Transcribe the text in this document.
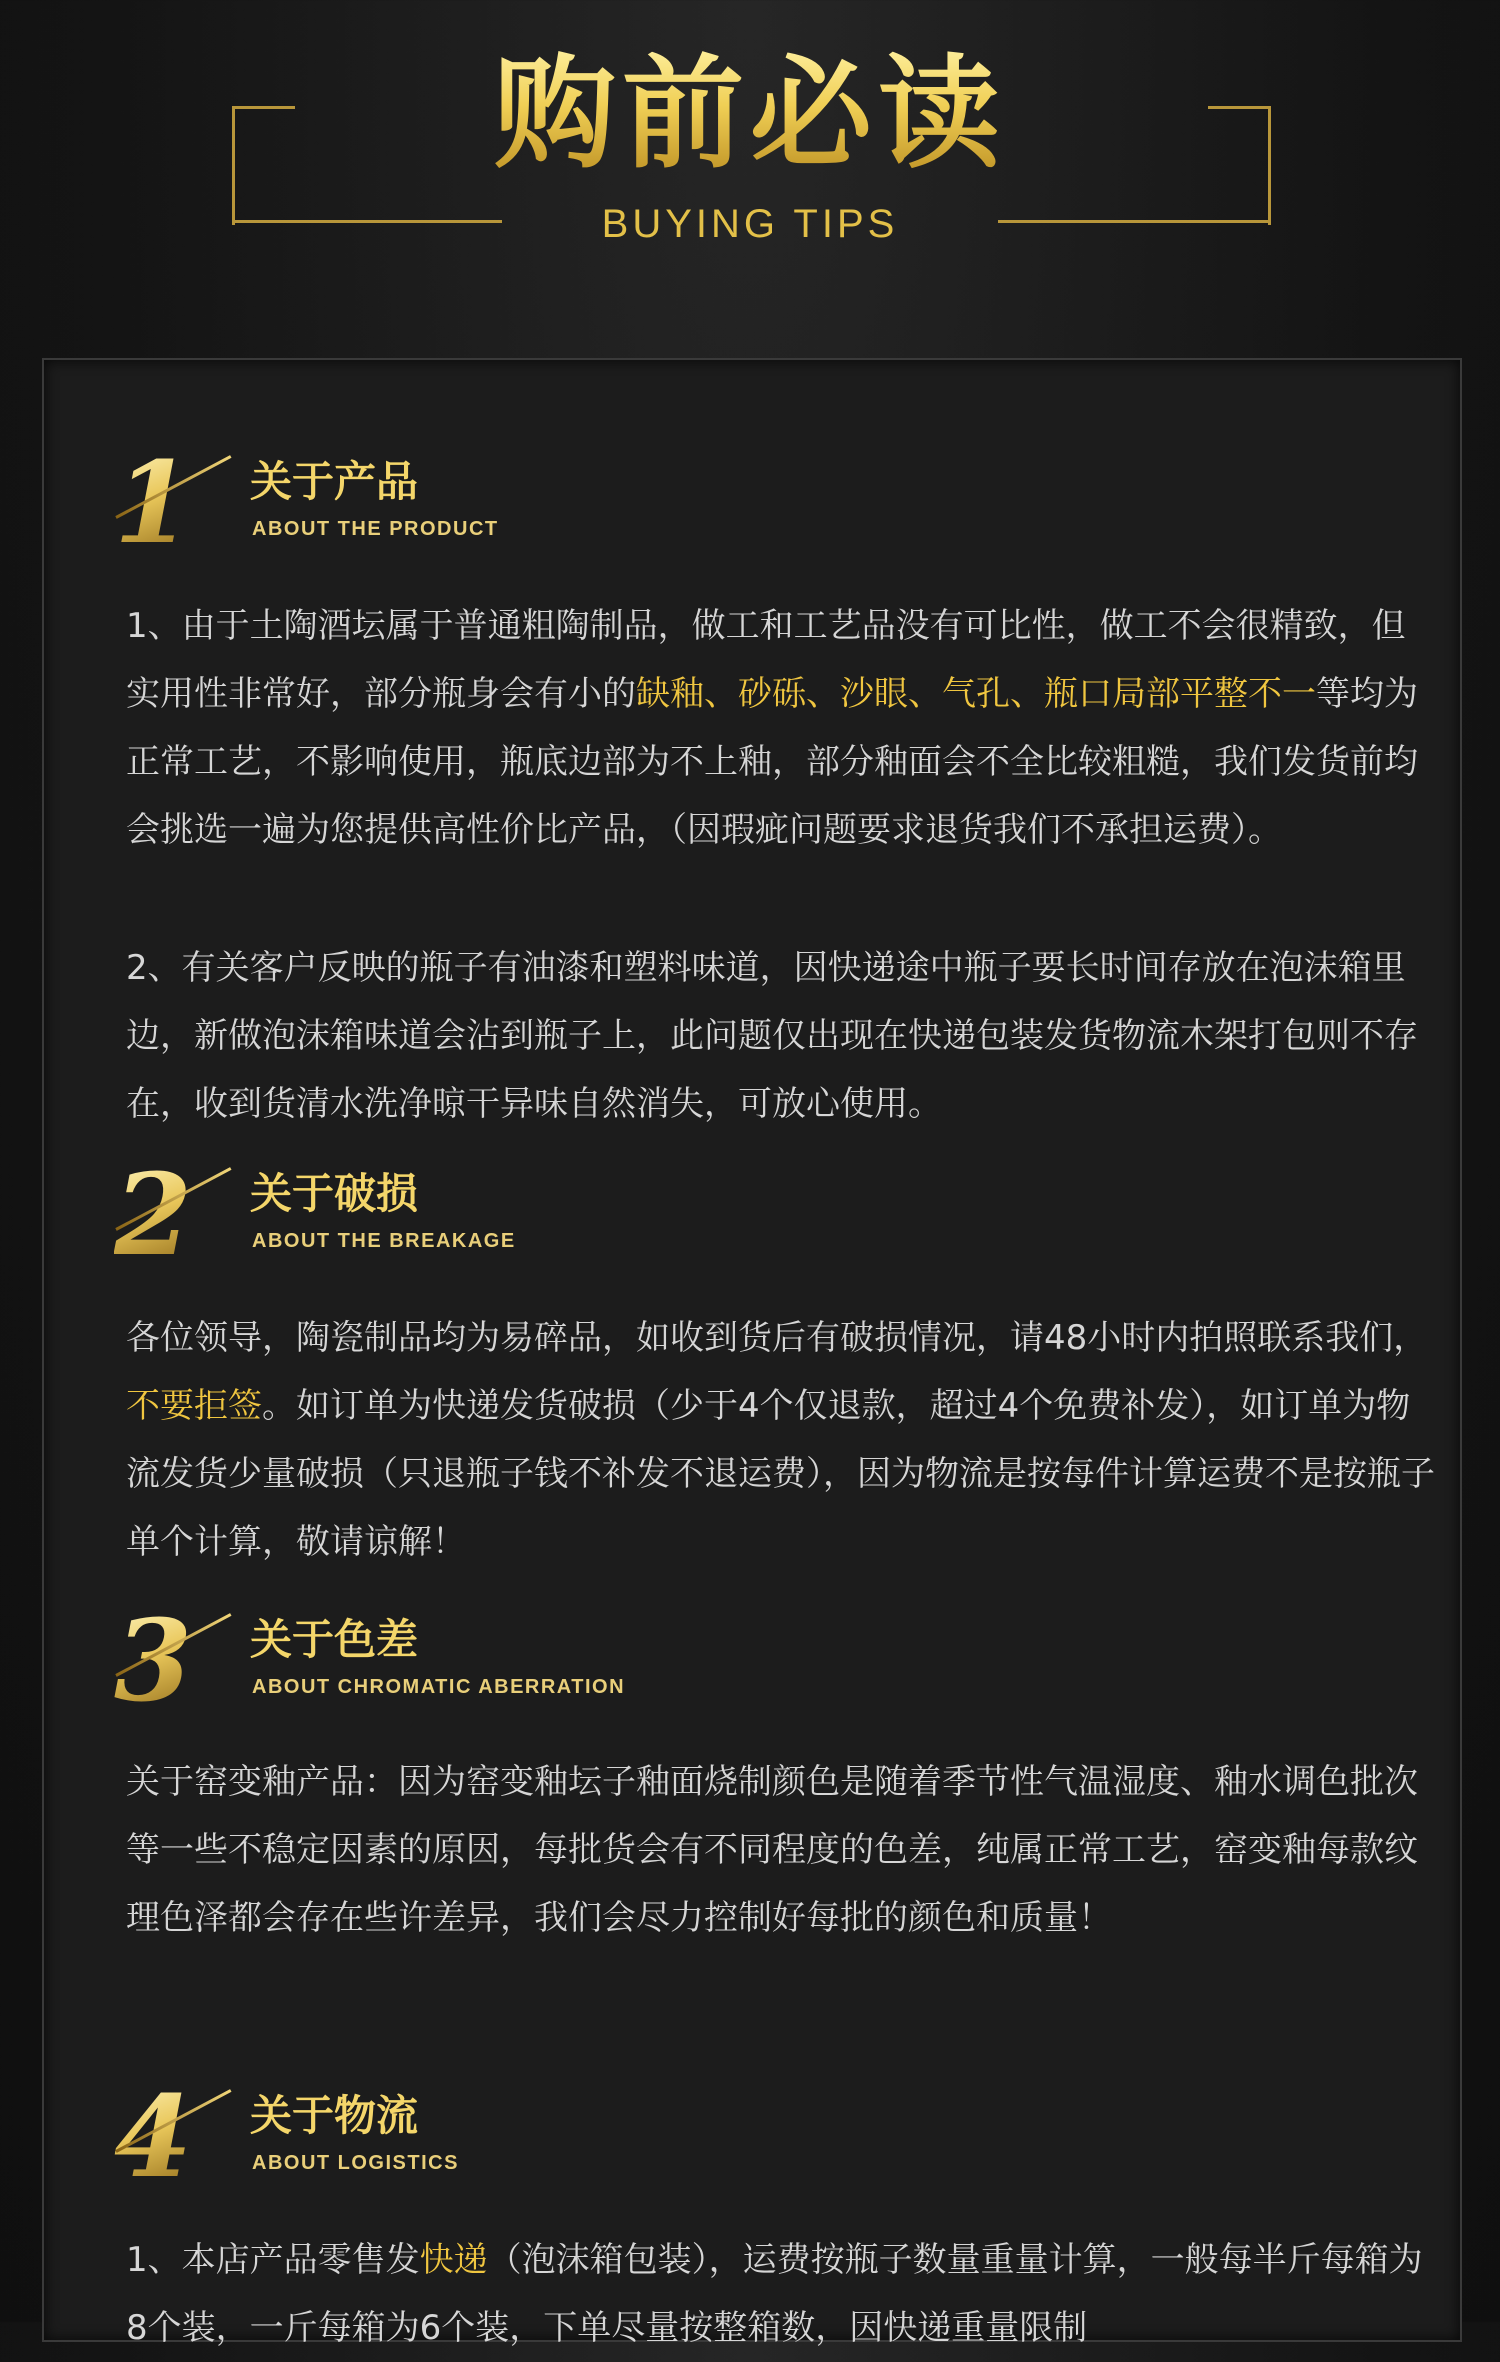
购前必读
BUYING TIPS
1 关于产品
ABOUT THE PRODUCT

1、由于土陶酒坛属于普通粗陶制品，做工和工艺品没有可比性，做工不会很精致，但实用性非常好，部分瓶身会有小的缺釉、砂砾、沙眼、气孔、瓶口局部平整不一等均为正常工艺，不影响使用，瓶底边部为不上釉，部分釉面会不全比较粗糙，我们发货前均会挑选一遍为您提供高性价比产品，（因瑕疵问题要求退货我们不承担运费）。

2、有关客户反映的瓶子有油漆和塑料味道，因快递途中瓶子要长时间存放在泡沫箱里边，新做泡沫箱味道会沾到瓶子上，此问题仅出现在快递包装发货物流木架打包则不存在，收到货清水洗净晾干异味自然消失，可放心使用。

2 关于破损
ABOUT THE BREAKAGE

各位领导，陶瓷制品均为易碎品，如收到货后有破损情况，请48小时内拍照联系我们，不要拒签。如订单为快递发货破损（少于4个仅退款，超过4个免费补发），如订单为物流发货少量破损（只退瓶子钱不补发不退运费），因为物流是按每件计算运费不是按瓶子单个计算，敬请谅解！

3 关于色差
ABOUT CHROMATIC ABERRATION

关于窑变釉产品：因为窑变釉坛子釉面烧制颜色是随着季节性气温湿度、釉水调色批次等一些不稳定因素的原因，每批货会有不同程度的色差，纯属正常工艺，窑变釉每款纹理色泽都会存在些许差异，我们会尽力控制好每批的颜色和质量！

4 关于物流
ABOUT LOGISTICS

1、本店产品零售发快递（泡沫箱包装），运费按瓶子数量重量计算，一般每半斤每箱为8个装，一斤每箱为6个装，下单尽量按整箱数，因快递重量限制
